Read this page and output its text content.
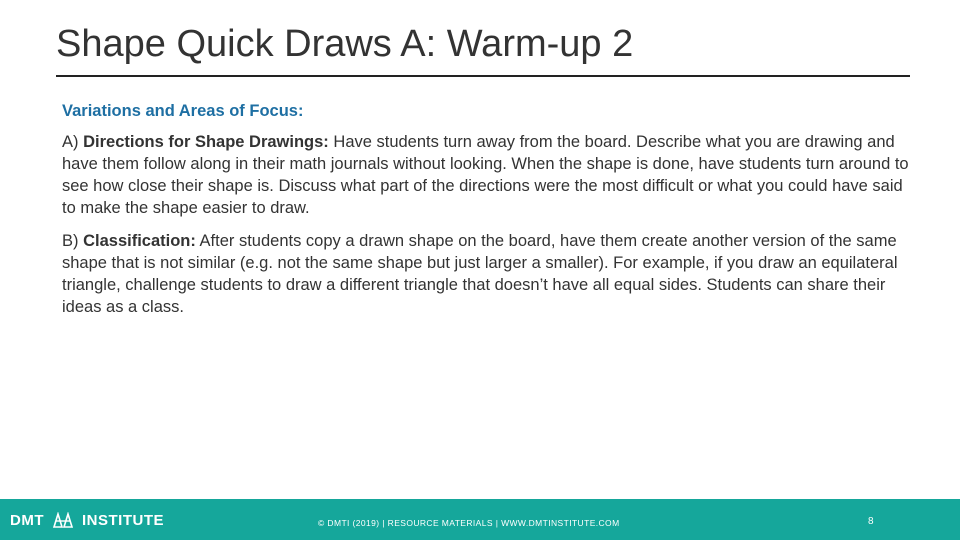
Shape Quick Draws A: Warm-up 2

Variations and Areas of Focus:

A) Directions for Shape Drawings: Have students turn away from the board. Describe what you are drawing and have them follow along in their math journals without looking. When the shape is done, have students turn around to see how close their shape is. Discuss what part of the directions were the most difficult or what you could have said to make the shape easier to draw.

B) Classification: After students copy a drawn shape on the board, have them create another version of the same shape that is not similar (e.g. not the same shape but just larger a smaller). For example, if you draw an equilateral triangle, challenge students to draw a different triangle that doesn’t have all equal sides. Students can share their ideas as a class.

DMT	INSTITUTE	© DMTI (2019) | RESOURCE MATERIALS | WWW.DMTINSTITUTE.COM	8
